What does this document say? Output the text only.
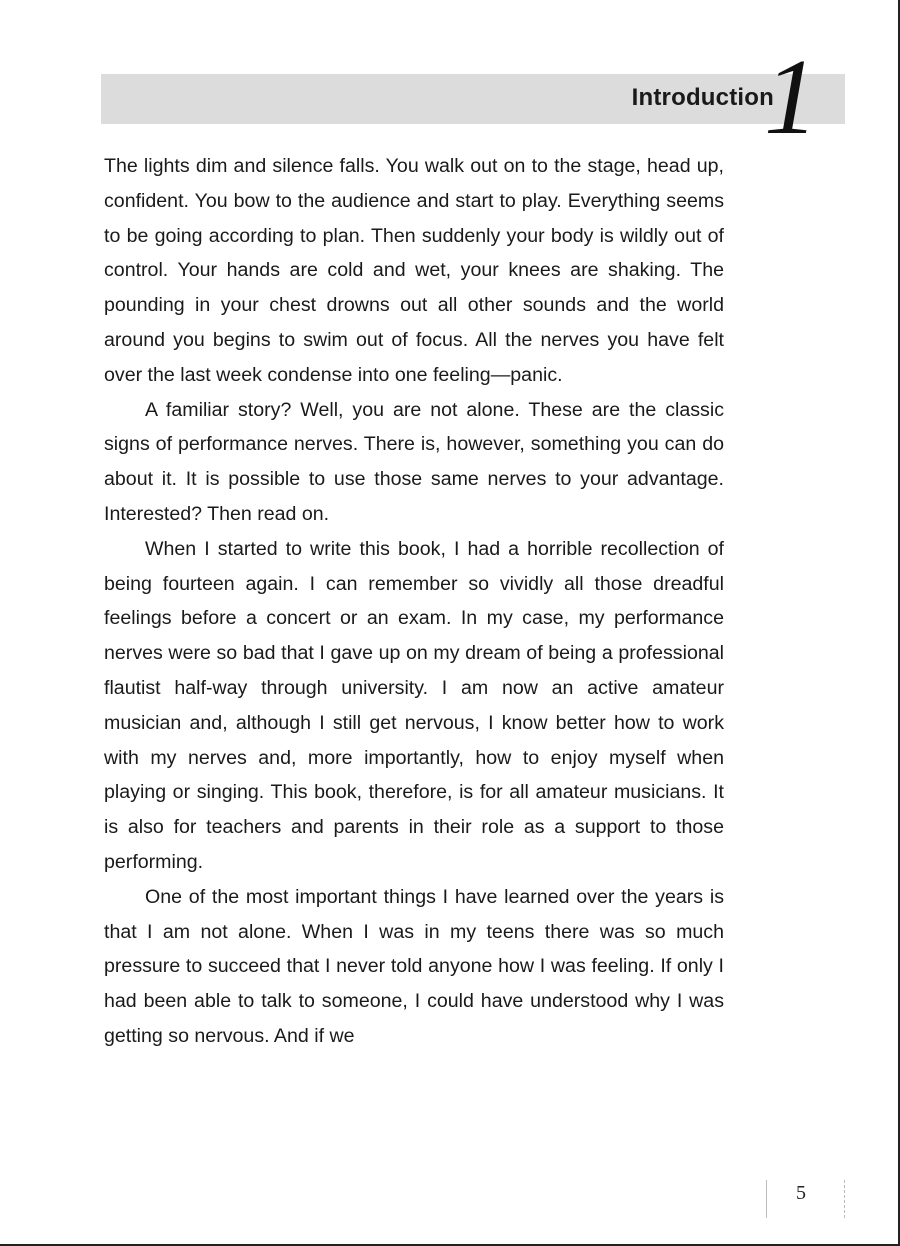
Introduction
1

The lights dim and silence falls. You walk out on to the stage, head up, confident. You bow to the audience and start to play. Everything seems to be going according to plan. Then suddenly your body is wildly out of control. Your hands are cold and wet, your knees are shaking. The pounding in your chest drowns out all other sounds and the world around you begins to swim out of focus. All the nerves you have felt over the last week condense into one feeling—panic.

A familiar story? Well, you are not alone. These are the classic signs of performance nerves. There is, however, something you can do about it. It is possible to use those same nerves to your advantage. Interested? Then read on.

When I started to write this book, I had a horrible recollection of being fourteen again. I can remember so vividly all those dreadful feelings before a concert or an exam. In my case, my performance nerves were so bad that I gave up on my dream of being a professional flautist half-way through university. I am now an active amateur musician and, although I still get nervous, I know better how to work with my nerves and, more importantly, how to enjoy myself when playing or singing. This book, therefore, is for all amateur musicians. It is also for teachers and parents in their role as a support to those performing.

One of the most important things I have learned over the years is that I am not alone. When I was in my teens there was so much pressure to succeed that I never told anyone how I was feeling. If only I had been able to talk to someone, I could have understood why I was getting so nervous. And if we

5
